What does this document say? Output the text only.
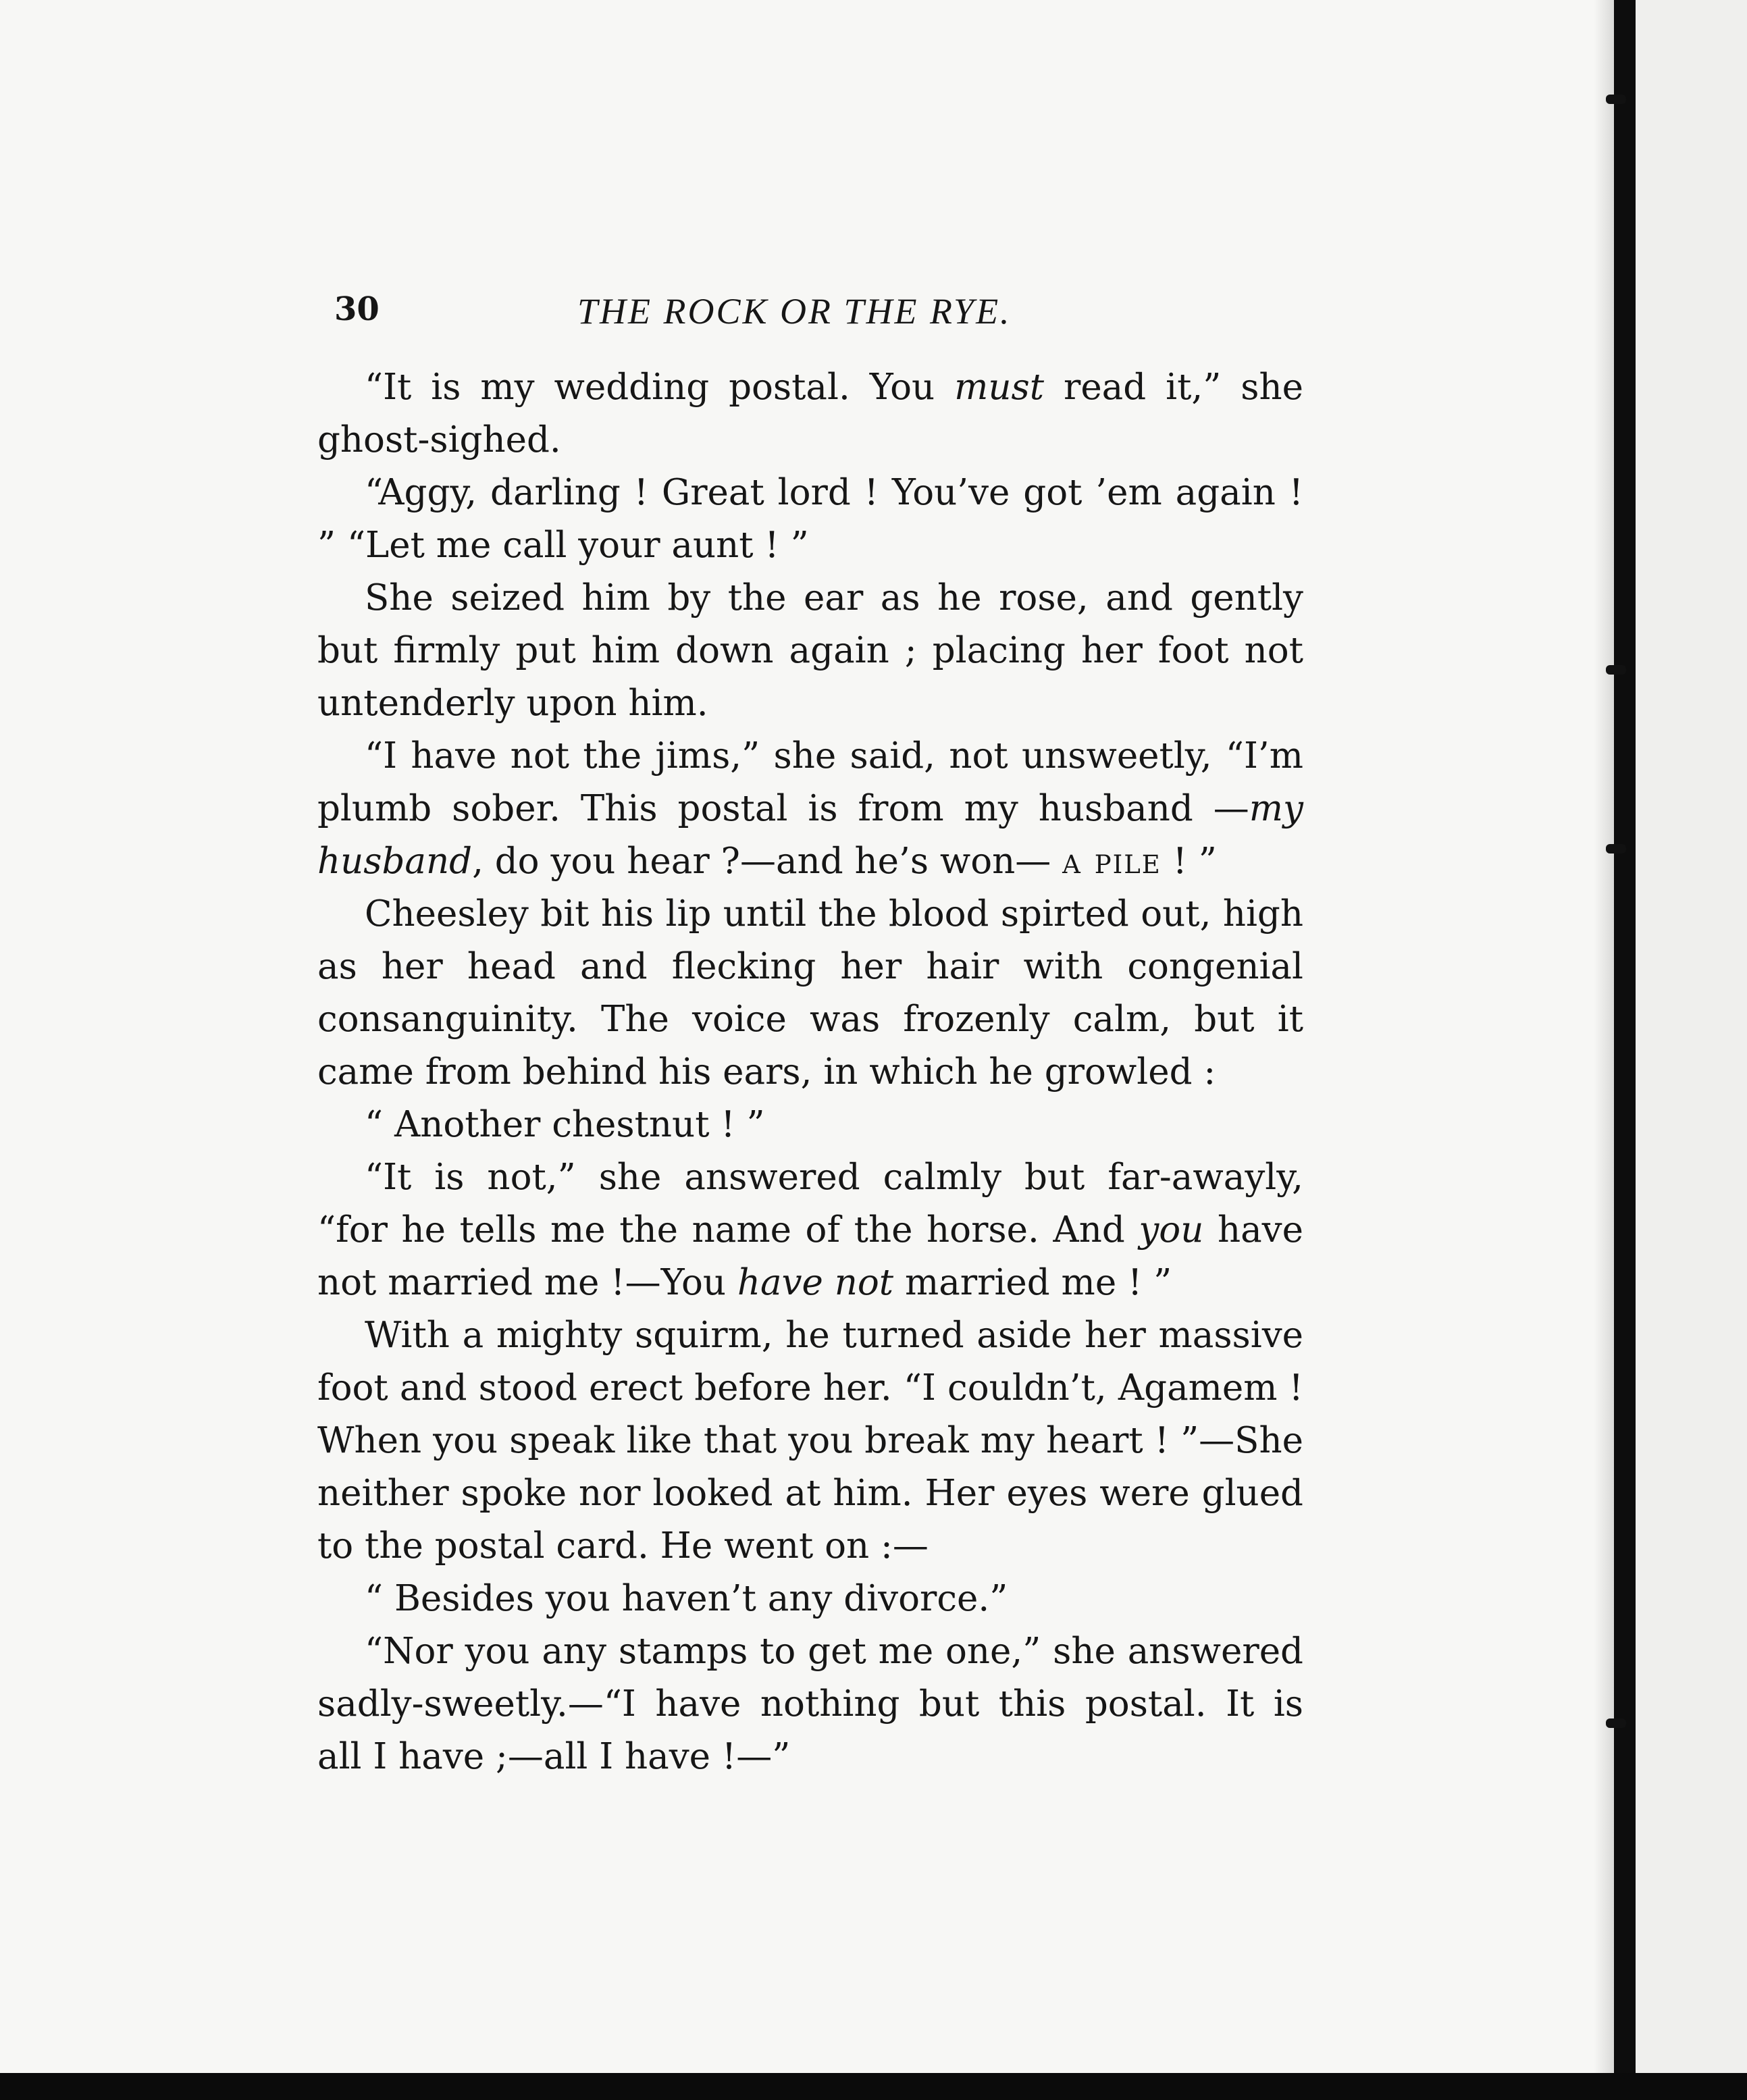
30	THE ROCK OR THE RYE.

“It is my wedding postal. You must read it,” she ghost-sighed.

“Aggy, darling ! Great lord ! You’ve got ’em again ! ” “Let me call your aunt ! ”

She seized him by the ear as he rose, and gently but firmly put him down again ; placing her foot not untenderly upon him.

“I have not the jims,” she said, not unsweetly, “I’m plumb sober. This postal is from my husband —my husband, do you hear ?—and he’s won— a pile ! ”

Cheesley bit his lip until the blood spirted out, high as her head and flecking her hair with congenial consanguinity. The voice was frozenly calm, but it came from behind his ears, in which he growled :

“ Another chestnut ! ”

“It is not,” she answered calmly but far-awayly, “for he tells me the name of the horse. And you have not married me !—You have not married me ! ”

With a mighty squirm, he turned aside her massive foot and stood erect before her. “I couldn’t, Agamem ! When you speak like that you break my heart ! ”—She neither spoke nor looked at him. Her eyes were glued to the postal card. He went on :—

“ Besides you haven’t any divorce.”

“Nor you any stamps to get me one,” she answered sadly-sweetly.—“I have nothing but this postal. It is all I have ;—all I have !—”
